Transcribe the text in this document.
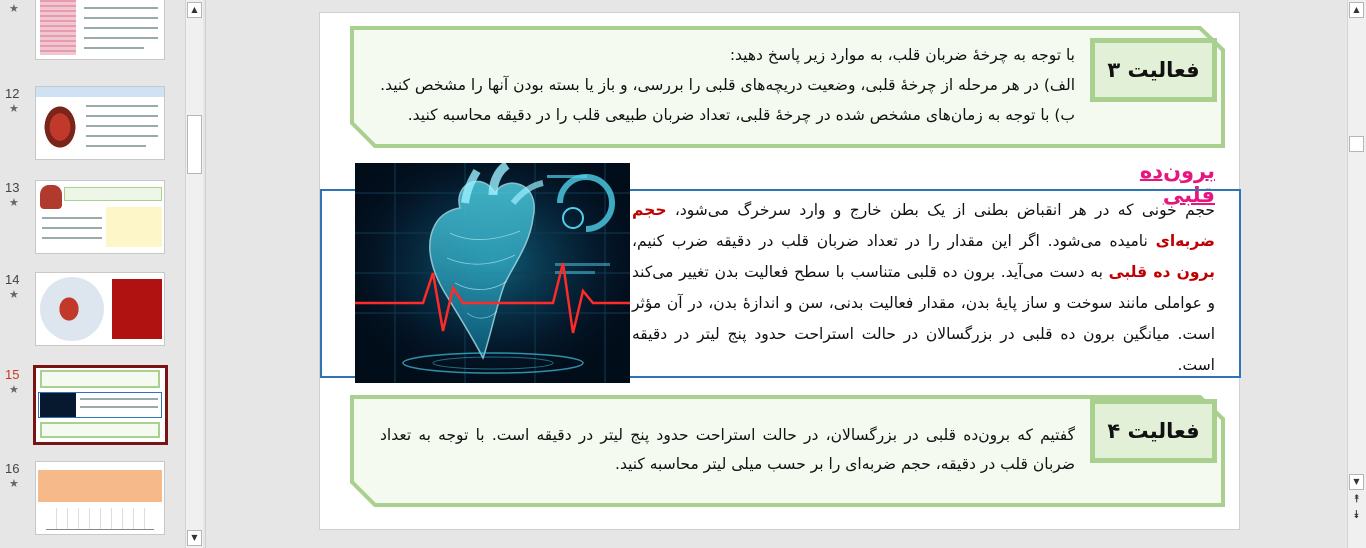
★
12
★
13
★
14
★
15
★
16
★
▲
▼
فعالیت ۳
با توجه به چرخهٔ ضربان قلب، به موارد زیر پاسخ دهید:
الف) در هر مرحله از چرخهٔ قلبی، وضعیت دریچه‌های قلبی را بررسی، و باز یا بسته بودن آنها را مشخص کنید.
ب) با توجه به زمان‌های مشخص شده در چرخهٔ قلبی، تعداد ضربان طبیعی قلب را در دقیقه محاسبه کنید.
برون‌ده قلبی
حجم خونی که در هر انقباض بطنی از یک بطن خارج و وارد سرخرگ می‌شود، حجم ضربه‌ای نامیده می‌شود. اگر این مقدار را در تعداد ضربان قلب در دقیقه ضرب کنیم، برون ده قلبی به دست می‌آید. برون ده قلبی متناسب با سطح فعالیت بدن تغییر می‌کند و عواملی مانند سوخت و ساز پایهٔ بدن، مقدار فعالیت بدنی، سن و اندازهٔ بدن، در آن مؤثر است. میانگین برون ده قلبی در بزرگسالان در حالت استراحت حدود پنج لیتر در دقیقه است.
فعالیت ۴
گفتیم که برون‌ده قلبی در بزرگسالان، در حالت استراحت حدود پنج لیتر در دقیقه است. با توجه به تعداد ضربان قلب در دقیقه، حجم ضربه‌ای را بر حسب میلی لیتر محاسبه کنید.
▲
▼
⯭
⯯
